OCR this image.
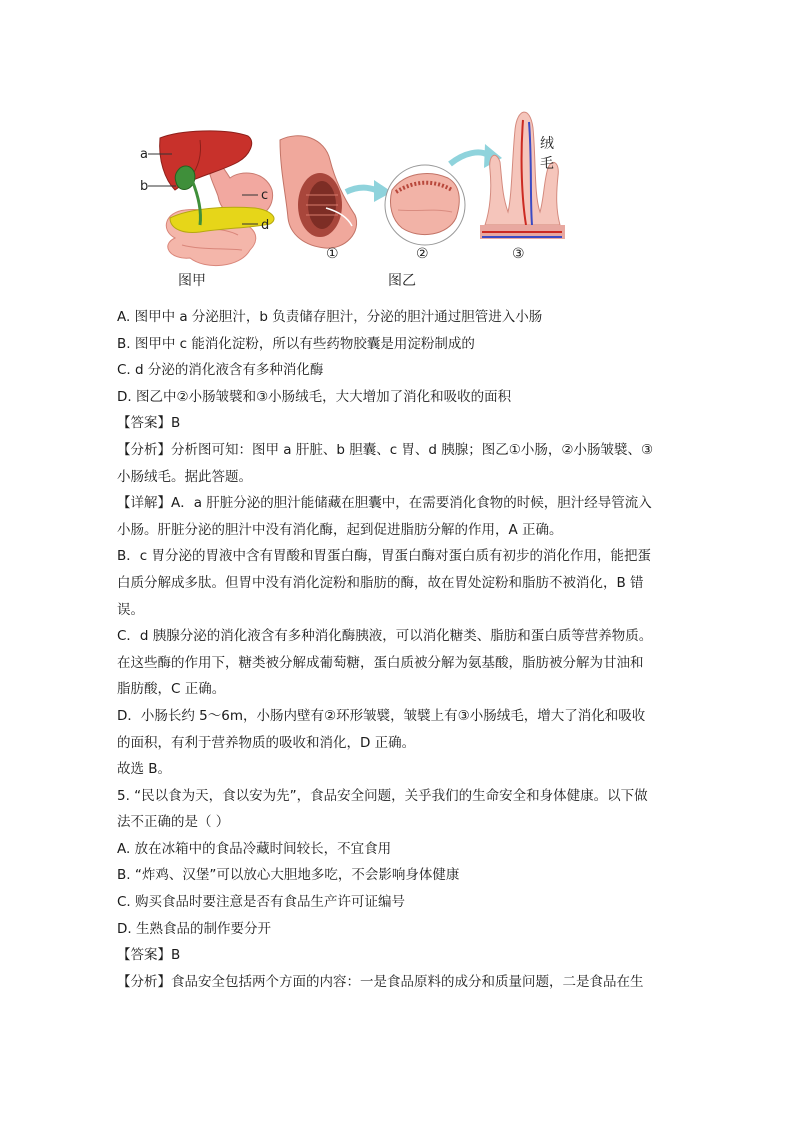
a
b
c
d
绒毛
图甲	图乙
①	②	③
A. 图甲中 a 分泌胆汁，b 负责储存胆汁，分泌的胆汁通过胆管进入小肠
B. 图甲中 c 能消化淀粉，所以有些药物胶囊是用淀粉制成的
C. d 分泌的消化液含有多种消化酶
D. 图乙中②小肠皱襞和③小肠绒毛，大大增加了消化和吸收的面积
【答案】B
【分析】分析图可知：图甲 a 肝脏、b 胆囊、c 胃、d 胰腺；图乙①小肠，②小肠皱襞、③
小肠绒毛。据此答题。
【详解】A．a 肝脏分泌的胆汁能储藏在胆囊中，在需要消化食物的时候，胆汁经导管流入
小肠。肝脏分泌的胆汁中没有消化酶，起到促进脂肪分解的作用，A 正确。
B．c 胃分泌的胃液中含有胃酸和胃蛋白酶，胃蛋白酶对蛋白质有初步的消化作用，能把蛋
白质分解成多肽。但胃中没有消化淀粉和脂肪的酶，故在胃处淀粉和脂肪不被消化，B 错
误。
C．d 胰腺分泌的消化液含有多种消化酶胰液，可以消化糖类、脂肪和蛋白质等营养物质。
在这些酶的作用下，糖类被分解成葡萄糖，蛋白质被分解为氨基酸，脂肪被分解为甘油和
脂肪酸，C 正确。
D．小肠长约 5～6m，小肠内壁有②环形皱襞，皱襞上有③小肠绒毛，增大了消化和吸收
的面积，有利于营养物质的吸收和消化，D 正确。
故选 B。
5. “民以食为天，食以安为先”，食品安全问题，关乎我们的生命安全和身体健康。以下做
法不正确的是（ ）
A. 放在冰箱中的食品冷藏时间较长，不宜食用
B. “炸鸡、汉堡”可以放心大胆地多吃，不会影响身体健康
C. 购买食品时要注意是否有食品生产许可证编号
D. 生熟食品的制作要分开
【答案】B
【分析】食品安全包括两个方面的内容：一是食品原料的成分和质量问题，二是食品在生
